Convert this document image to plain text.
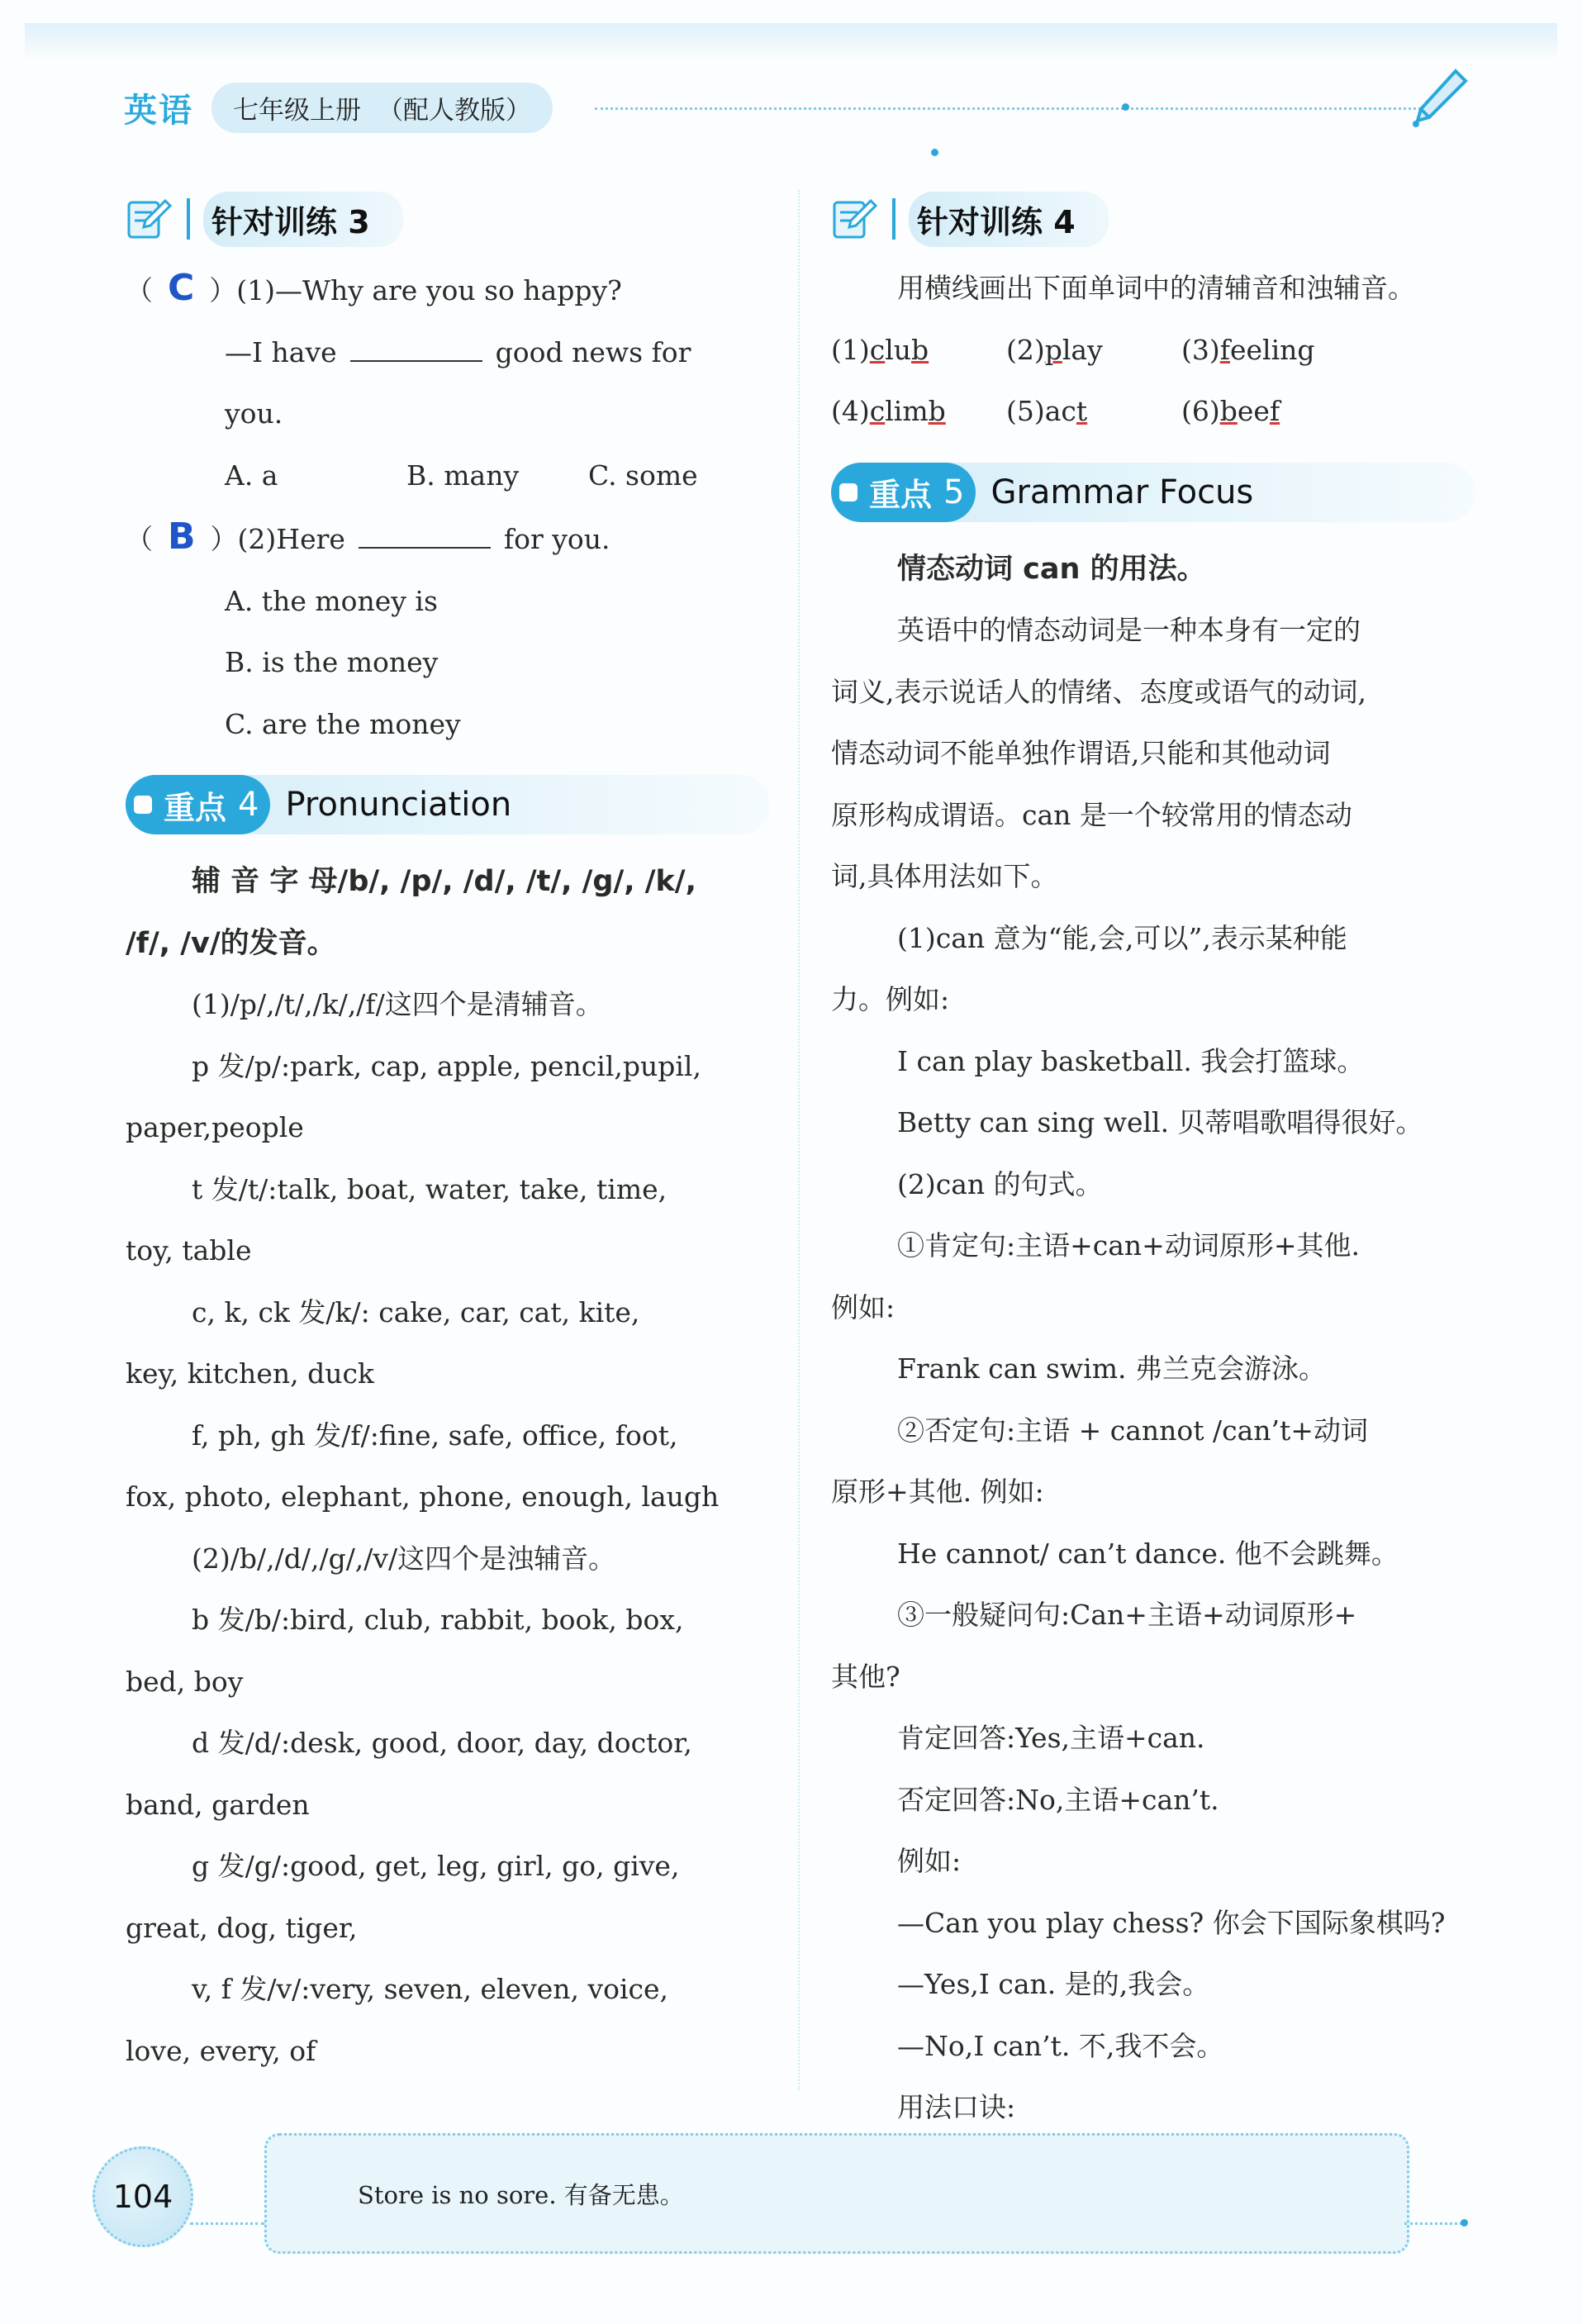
英语 七年级上册 （配人教版）
针对训练 3
（ C ）(1)—Why are you so happy?
—I have	good news for
you.
A. a	B. many	C. some
（ B ）(2)Here	for you.
A. the money is
B. is the money
C. are the money
重点 4 Pronunciation
辅 音 字 母/b/, /p/, /d/, /t/, /g/, /k/,
/f/, /v/的发音。
(1)/p/,/t/,/k/,/f/这四个是清辅音。
p 发/p/:park, cap, apple, pencil,pupil,
paper,people
t 发/t/:talk, boat, water, take, time,
toy, table
c, k, ck 发/k/: cake, car, cat, kite,
key, kitchen, duck
f, ph, gh 发/f/:fine, safe, office, foot,
fox, photo, elephant, phone, enough, laugh
(2)/b/,/d/,/g/,/v/这四个是浊辅音。
b 发/b/:bird, club, rabbit, book, box,
bed, boy
d 发/d/:desk, good, door, day, doctor,
band, garden
g 发/g/:good, get, leg, girl, go, give,
great, dog, tiger,
v, f 发/v/:very, seven, eleven, voice,
love, every, of
针对训练 4
用横线画出下面单词中的清辅音和浊辅音。
(1)club	(2)play	(3)feeling
(4)climb	(5)act	(6)beef
重点 5 Grammar Focus
情态动词 can 的用法。
英语中的情态动词是一种本身有一定的
词义,表示说话人的情绪、态度或语气的动词,
情态动词不能单独作谓语,只能和其他动词
原形构成谓语。can 是一个较常用的情态动
词,具体用法如下。
(1)can 意为“能,会,可以”,表示某种能
力。例如:
I can play basketball. 我会打篮球。
Betty can sing well. 贝蒂唱歌唱得很好。
(2)can 的句式。
①肯定句:主语+can+动词原形+其他.
例如:
Frank can swim. 弗兰克会游泳。
②否定句:主语 + cannot /can’t+动词
原形+其他. 例如:
He cannot/ can’t dance. 他不会跳舞。
③一般疑问句:Can+主语+动词原形+
其他?
肯定回答:Yes,主语+can.
否定回答:No,主语+can’t.
例如:
—Can you play chess? 你会下国际象棋吗?
—Yes,I can. 是的,我会。
—No,I can’t. 不,我不会。
用法口诀:
104	Store is no sore. 有备无患。
